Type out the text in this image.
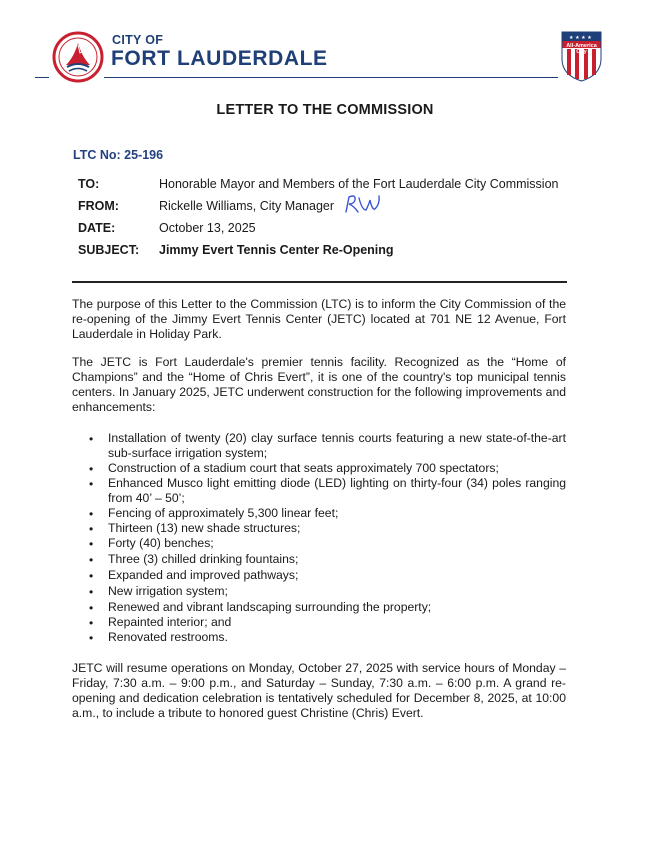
CITY OF
FORT LAUDERDALE
★ ★ ★ ★
All-America City
LETTER TO THE COMMISSION
LTC No: 25-196
TO:	Honorable Mayor and Members of the Fort Lauderdale City Commission
FROM:	Rickelle Williams, City Manager
DATE:	October 13, 2025
SUBJECT: Jimmy Evert Tennis Center Re-Opening
The purpose of this Letter to the Commission (LTC) is to inform the City Commission of the re-opening of the Jimmy Evert Tennis Center (JETC) located at 701 NE 12 Avenue, Fort Lauderdale in Holiday Park.
The JETC is Fort Lauderdale's premier tennis facility. Recognized as the “Home of Champions” and the “Home of Chris Evert”, it is one of the country's top municipal tennis centers. In January 2025, JETC underwent construction for the following improvements and enhancements:
•	Installation of twenty (20) clay surface tennis courts featuring a new state-of-the-art sub-surface irrigation system;
•	Construction of a stadium court that seats approximately 700 spectators;
•	Enhanced Musco light emitting diode (LED) lighting on thirty-four (34) poles ranging from 40’ – 50’;
•	Fencing of approximately 5,300 linear feet;
•	Thirteen (13) new shade structures;
•	Forty (40) benches;
•	Three (3) chilled drinking fountains;
•	Expanded and improved pathways;
•	New irrigation system;
•	Renewed and vibrant landscaping surrounding the property;
•	Repainted interior; and
•	Renovated restrooms.
JETC will resume operations on Monday, October 27, 2025 with service hours of Monday – Friday, 7:30 a.m. – 9:00 p.m., and Saturday – Sunday, 7:30 a.m. – 6:00 p.m. A grand re-opening and dedication celebration is tentatively scheduled for December 8, 2025, at 10:00 a.m., to include a tribute to honored guest Christine (Chris) Evert.
